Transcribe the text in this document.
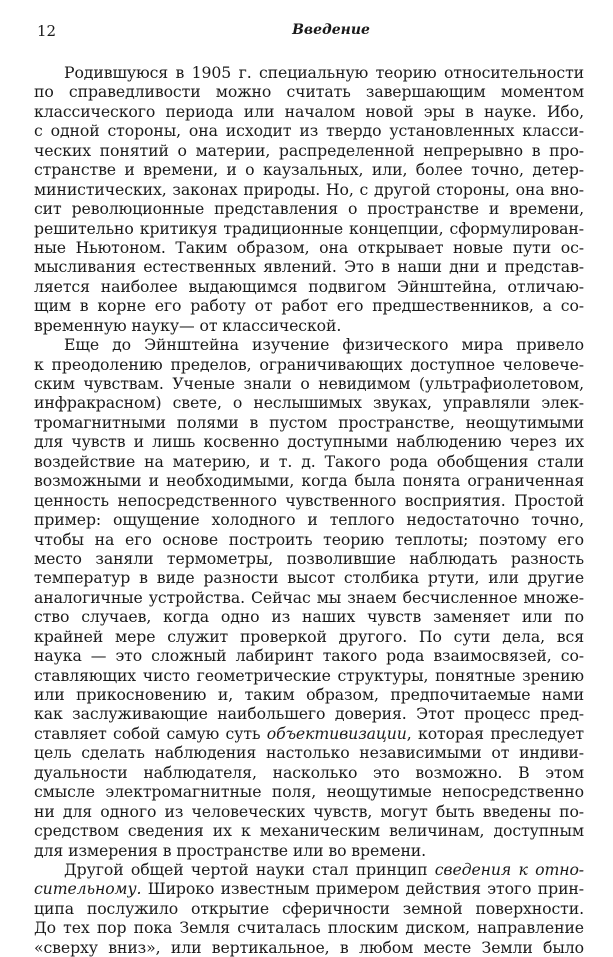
12	Введение
Родившуюся в 1905 г. специальную теорию относительности
по справедливости можно считать завершающим моментом
классического периода или началом новой эры в науке. Ибо,
с одной стороны, она исходит из твердо установленных класси-
ческих понятий о материи, распределенной непрерывно в про-
странстве и времени, и о каузальных, или, более точно, детер-
министических, законах природы. Но, с другой стороны, она вно-
сит революционные представления о пространстве и времени,
решительно критикуя традиционные концепции, сформулирован-
ные Ньютоном. Таким образом, она открывает новые пути ос-
мысливания естественных явлений. Это в наши дни и представ-
ляется наиболее выдающимся подвигом Эйнштейна, отличаю-
щим в корне его работу от работ его предшественников, а со-
временную науку— от классической.
Еще до Эйнштейна изучение физического мира привело
к преодолению пределов, ограничивающих доступное человече-
ским чувствам. Ученые знали о невидимом (ультрафиолетовом,
инфракрасном) свете, о неслышимых звуках, управляли элек-
тромагнитными полями в пустом пространстве, неощутимыми
для чувств и лишь косвенно доступными наблюдению через их
воздействие на материю, и т. д. Такого рода обобщения стали
возможными и необходимыми, когда была понята ограниченная
ценность непосредственного чувственного восприятия. Простой
пример: ощущение холодного и теплого недостаточно точно,
чтобы на его основе построить теорию теплоты; поэтому его
место заняли термометры, позволившие наблюдать разность
температур в виде разности высот столбика ртути, или другие
аналогичные устройства. Сейчас мы знаем бесчисленное множе-
ство случаев, когда одно из наших чувств заменяет или по
крайней мере служит проверкой другого. По сути дела, вся
наука — это сложный лабиринт такого рода взаимосвязей, со-
ставляющих чисто геометрические структуры, понятные зрению
или прикосновению и, таким образом, предпочитаемые нами
как заслуживающие наибольшего доверия. Этот процесс пред-
ставляет собой самую суть объективизации, которая преследует
цель сделать наблюдения настолько независимыми от индиви-
дуальности наблюдателя, насколько это возможно. В этом
смысле электромагнитные поля, неощутимые непосредственно
ни для одного из человеческих чувств, могут быть введены по-
средством сведения их к механическим величинам, доступным
для измерения в пространстве или во времени.
Другой общей чертой науки стал принцип сведения к отно-
сительному. Широко известным примером действия этого прин-
ципа послужило открытие сферичности земной поверхности.
До тех пор пока Земля считалась плоским диском, направление
«сверху вниз», или вертикальное, в любом месте Земли было
